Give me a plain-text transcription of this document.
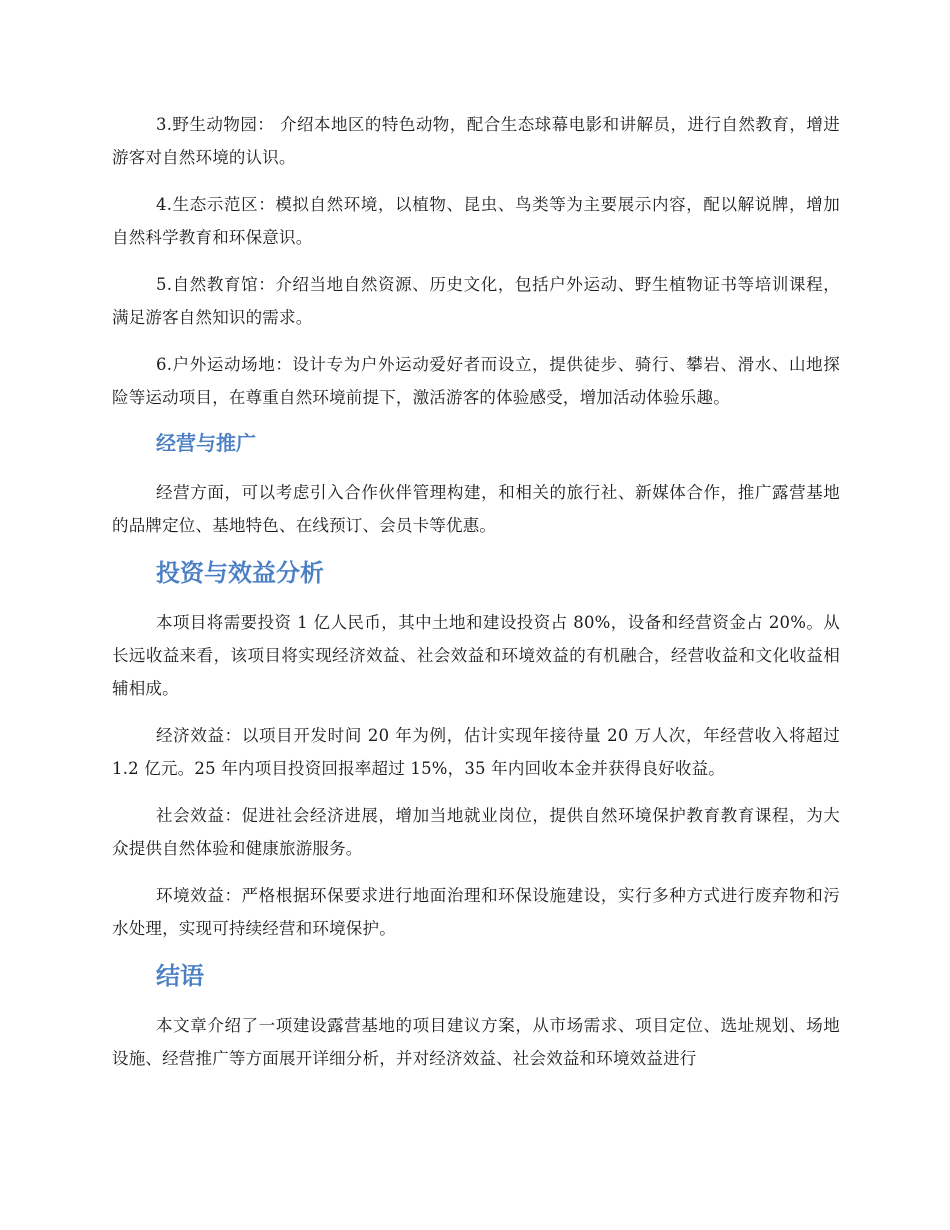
3.野生动物园： 介绍本地区的特色动物，配合生态球幕电影和讲解员，进行自然教育，增进游客对自然环境的认识。

4.生态示范区：模拟自然环境，以植物、昆虫、鸟类等为主要展示内容，配以解说牌，增加自然科学教育和环保意识。

5.自然教育馆：介绍当地自然资源、历史文化，包括户外运动、野生植物证书等培训课程，满足游客自然知识的需求。

6.户外运动场地：设计专为户外运动爱好者而设立，提供徒步、骑行、攀岩、滑水、山地探险等运动项目，在尊重自然环境前提下，激活游客的体验感受，增加活动体验乐趣。

经营与推广

经营方面，可以考虑引入合作伙伴管理构建，和相关的旅行社、新媒体合作，推广露营基地的品牌定位、基地特色、在线预订、会员卡等优惠。

投资与效益分析

本项目将需要投资 1 亿人民币，其中土地和建设投资占 80%，设备和经营资金占 20%。从长远收益来看，该项目将实现经济效益、社会效益和环境效益的有机融合，经营收益和文化收益相辅相成。

经济效益：以项目开发时间 20 年为例，估计实现年接待量 20 万人次，年经营收入将超过 1.2 亿元。25 年内项目投资回报率超过 15%，35 年内回收本金并获得良好收益。

社会效益：促进社会经济进展，增加当地就业岗位，提供自然环境保护教育教育课程，为大众提供自然体验和健康旅游服务。

环境效益：严格根据环保要求进行地面治理和环保设施建设，实行多种方式进行废弃物和污水处理，实现可持续经营和环境保护。

结语

本文章介绍了一项建设露营基地的项目建议方案，从市场需求、项目定位、选址规划、场地设施、经营推广等方面展开详细分析，并对经济效益、社会效益和环境效益进行
